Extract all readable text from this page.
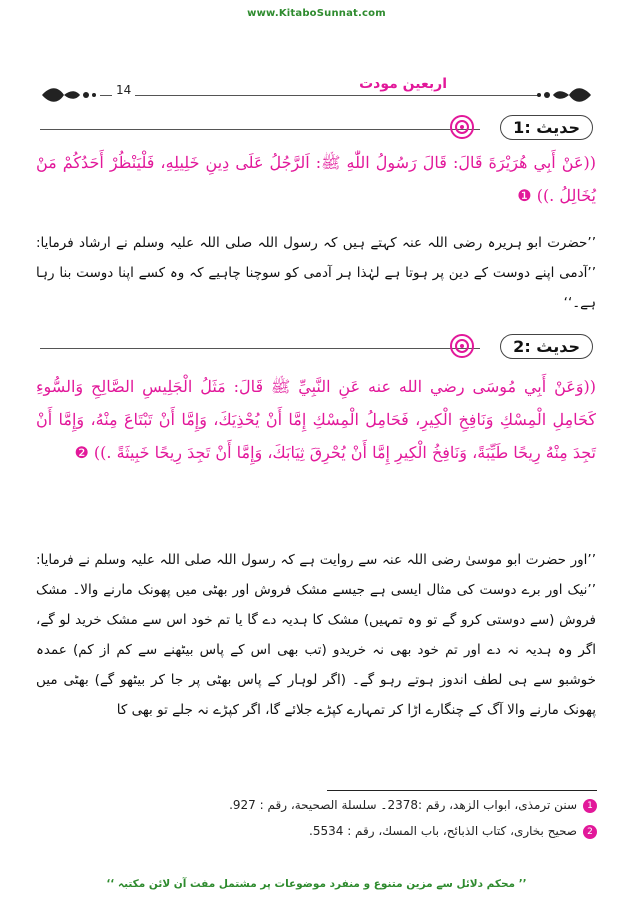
www.KitaboSunnat.com
14	اربعین مودت
حدیث :1
((عَنْ أَبِي هُرَيْرَةَ قَالَ: قَالَ رَسُولُ اللّٰهِ ﷺ: اَلرَّجُلُ عَلَى دِينِ خَلِيلِهِ، فَلْيَنْظُرْ أَحَدُكُمْ مَنْ يُخَالِلُ .)) ❶
’’حضرت ابو ہریرہ رضی اللہ عنہ کہتے ہیں کہ رسول اللہ صلی اللہ علیہ وسلم نے ارشاد فرمایا: ’’آدمی اپنے دوست کے دین پر ہوتا ہے لہٰذا ہر آدمی کو سوچنا چاہیے کہ وہ کسے اپنا دوست بنا رہا ہے۔‘‘
حدیث :2
((وَعَنْ أَبِي مُوسَى رضي الله عنه عَنِ النَّبِيِّ ﷺ قَالَ: مَثَلُ الْجَلِيسِ الصَّالِحِ وَالسُّوءِ كَحَامِلِ الْمِسْكِ وَنَافِخِ الْكِيرِ، فَحَامِلُ الْمِسْكِ إِمَّا أَنْ يُحْذِيَكَ، وَإِمَّا أَنْ تَبْتَاعَ مِنْهُ، وَإِمَّا أَنْ تَجِدَ مِنْهُ رِيحًا طَيِّبَةً، وَنَافِخُ الْكِيرِ إِمَّا أَنْ يُحْرِقَ ثِيَابَكَ، وَإِمَّا أَنْ تَجِدَ رِيحًا خَبِيثَةً .)) ❷
’’اور حضرت ابو موسیٰ رضی اللہ عنہ سے روایت ہے کہ رسول اللہ صلی اللہ علیہ وسلم نے فرمایا: ’’نیک اور برے دوست کی مثال ایسی ہے جیسے مشک فروش اور بھٹی میں پھونک مارنے والا۔ مشک فروش (سے دوستی کرو گے تو وہ تمہیں) مشک کا ہدیہ دے گا یا تم خود اس سے مشک خرید لو گے، اگر وہ ہدیہ نہ دے اور تم خود بھی نہ خریدو (تب بھی اس کے پاس بیٹھنے سے کم از کم) عمدہ خوشبو سے ہی لطف اندوز ہوتے رہو گے۔ (اگر لوہار کے پاس بھٹی پر جا کر بیٹھو گے) بھٹی میں پھونک مارنے والا آگ کے چنگارے اڑا کر تمہارے کپڑے جلائے گا، اگر کپڑے نہ جلے تو بھی کا
1سنن ترمذی، ابواب الزهد، رقم :2378۔ سلسلة الصحيحة، رقم : 927.
2صحيح بخاری، كتاب الذبائح، باب المسك، رقم : 5534.
’’ محکم دلائل سے مزین متنوع و منفرد موضوعات پر مشتمل مفت آن لائن مکتبہ ‘‘
